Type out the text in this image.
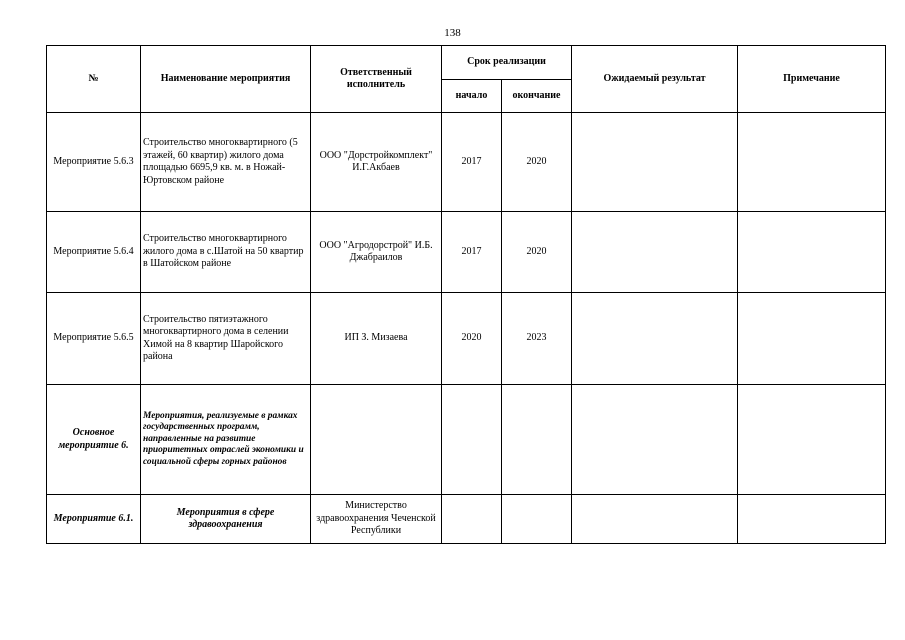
138
№	Наименование мероприятия	Ответственный исполнитель	Срок реализации		Ожидаемый результат	Примечание
			начало	окончание		
Мероприятие 5.6.3	Строительство многоквартирного (5 этажей, 60 квартир) жилого дома площадью 6695,9 кв. м. в Ножай-Юртовском районе	ООО "Дорстройкомплект" И.Г.Акбаев	2017	2020		
Мероприятие 5.6.4	Строительство многоквартирного жилого дома в с.Шатой на 50 квартир в Шатойском районе	ООО "Агродорстрой" И.Б. Джабраилов	2017	2020		
Мероприятие 5.6.5	Строительство пятиэтажного многоквартирного дома в селении Химой на 8 квартир Шаройского района	ИП З. Мизаева	2020	2023		
Основное мероприятие 6.	Мероприятия, реализуемые в рамках государственных программ, направленные на развитие приоритетных отраслей экономики и социальной сферы горных районов					
Мероприятие 6.1.	Мероприятия в сфере здравоохранения	Министерство здравоохранения Чеченской Республики				
